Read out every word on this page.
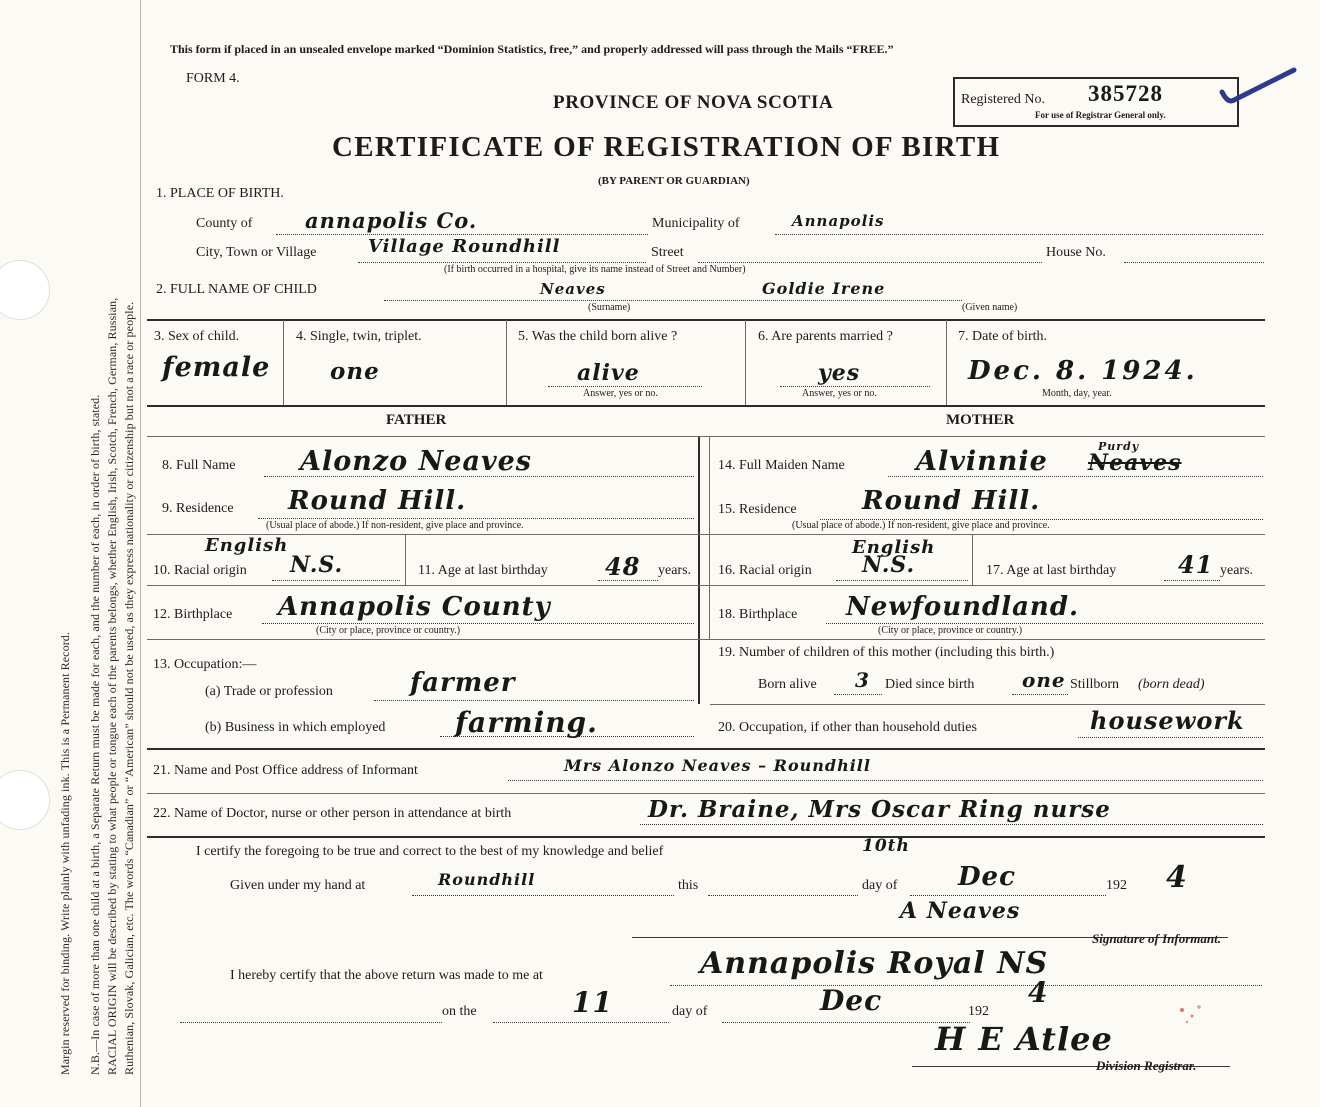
Margin reserved for binding. Write plainly with unfading ink. This is a Permanent Record. N.B.—In case of more than one child at a birth, a Separate Return must be made for each, and the number of each, in order of birth, stated. RACIAL ORIGIN will be described by stating to what people or tongue each of the parents belongs, whether English, Irish, Scotch, French, German, Russian, Ruthenian, Slovak, Galician, etc. The words “Canadian” or “American” should not be used, as they express nationality or citizenship but not a race or people.
This form if placed in an unsealed envelope marked “Dominion Statistics, free,” and properly addressed will pass through the Mails “FREE.”
FORM 4.
PROVINCE OF NOVA SCOTIA
CERTIFICATE OF REGISTRATION OF BIRTH
(BY PARENT OR GUARDIAN)
Registered No. 385728
For use of Registrar General only.
1. PLACE OF BIRTH.
County of	annapolis Co.	Municipality of	Annapolis
City, Town or Village	Village Roundhill	Street	House No.
(If birth occurred in a hospital, give its name instead of Street and Number)
2. FULL NAME OF CHILD	Neaves
(Surname)
Goldie Irene
(Given name)
3. Sex of child.
female
4. Single, twin, triplet.
one
5. Was the child born alive ?
alive
Answer, yes or no.
6. Are parents married ?
yes
Answer, yes or no.
7. Date of birth.
Dec. 8. 1924.
Month, day, year.
FATHER	MOTHER
8. Full Name Alonzo Neaves	14. Full Maiden Name	Alvinnie Neaves
Purdy
9. Residence Round Hill.
(Usual place of abode.) If non-resident, give place and province.
15. Residence	Round Hill.
(Usual place of abode.) If non-resident, give place and province.
English
10. Racial origin N.S.	11. Age at last birthday 48 years.
English
16. Racial origin N.S.	17. Age at last birthday	41 years.
12. Birthplace Annapolis County
(City or place, province or country.)
18. Birthplace Newfoundland.
(City or place, province or country.)
13. Occupation:—
(a) Trade or profession	farmer
(b) Business in which employed farming.
19. Number of children of this mother (including this birth.)
Born alive 3 Died since birth one Stillborn (born dead)
20. Occupation, if other than household duties	housework
21. Name and Post Office address of Informant	Mrs Alonzo Neaves – Roundhill
22. Name of Doctor, nurse or other person in attendance at birth	Dr. Braine, Mrs Oscar Ring nurse
I certify the foregoing to be true and correct to the best of my knowledge and belief	10th
Given under my hand at	Roundhill	this	day of Dec	192 4
A Neaves
Signature of Informant.
I hereby certify that the above return was made to me at	Annapolis Royal NS
on the	11	day of	Dec	192
4
H E Atlee
Division Registrar.
